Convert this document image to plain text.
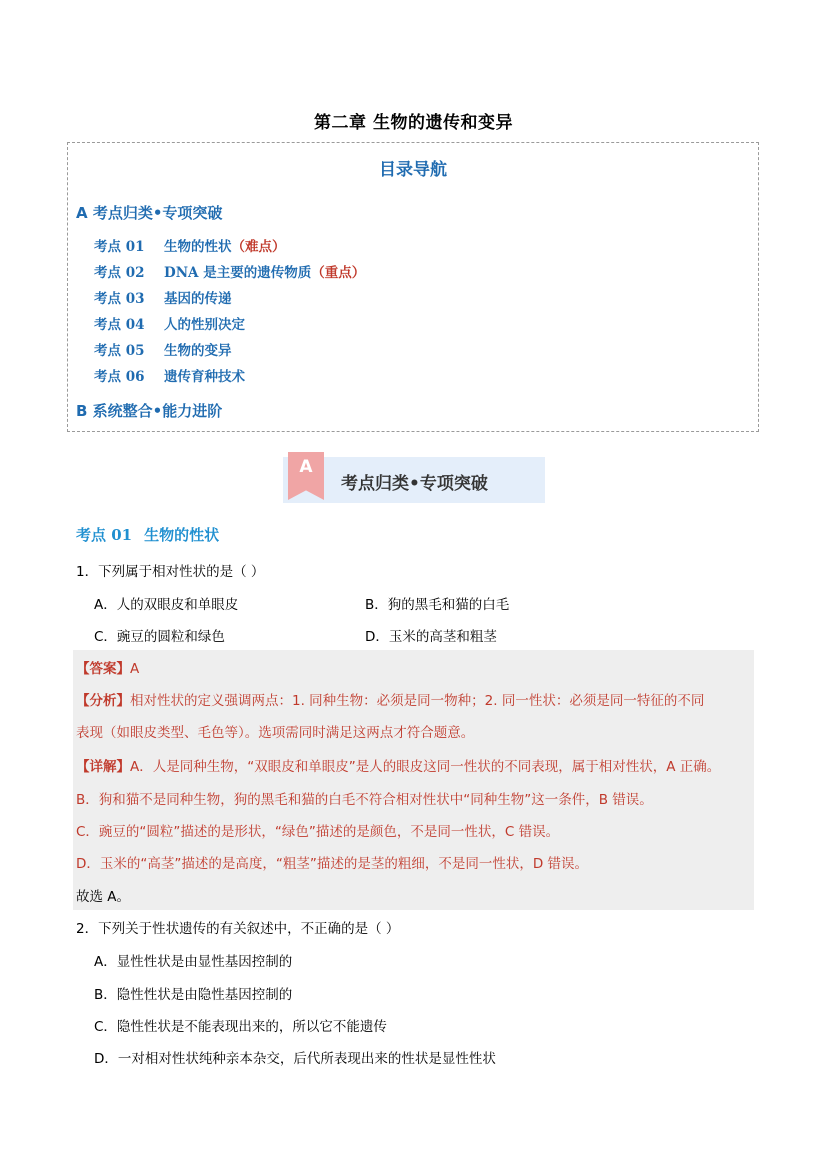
第二章 生物的遗传和变异
目录导航
A 考点归类•专项突破
考点 01 生物的性状（难点）
考点 02 DNA 是主要的遗传物质（重点）
考点 03 基因的传递
考点 04 人的性别决定
考点 05 生物的变异
考点 06 遗传育种技术
B 系统整合•能力进阶
A
考点归类•专项突破
考点 01 生物的性状
1．下列属于相对性状的是（ ）
A．人的双眼皮和单眼皮	B．狗的黑毛和猫的白毛
C．豌豆的圆粒和绿色	D．玉米的高茎和粗茎
【答案】A
【分析】相对性状的定义强调两点：1. 同种生物：必须是同一物种；2. 同一性状：必须是同一特征的不同
表现（如眼皮类型、毛色等）。选项需同时满足这两点才符合题意。
【详解】A．人是同种生物，“双眼皮和单眼皮”是人的眼皮这同一性状的不同表现，属于相对性状，A 正确。
B．狗和猫不是同种生物，狗的黑毛和猫的白毛不符合相对性状中“同种生物”这一条件，B 错误。
C．豌豆的“圆粒”描述的是形状，“绿色”描述的是颜色，不是同一性状，C 错误。
D．玉米的“高茎”描述的是高度，“粗茎”描述的是茎的粗细，不是同一性状，D 错误。
故选 A。
2．下列关于性状遗传的有关叙述中，不正确的是（ ）
A．显性性状是由显性基因控制的
B．隐性性状是由隐性基因控制的
C．隐性性状是不能表现出来的，所以它不能遗传
D．一对相对性状纯种亲本杂交，后代所表现出来的性状是显性性状
